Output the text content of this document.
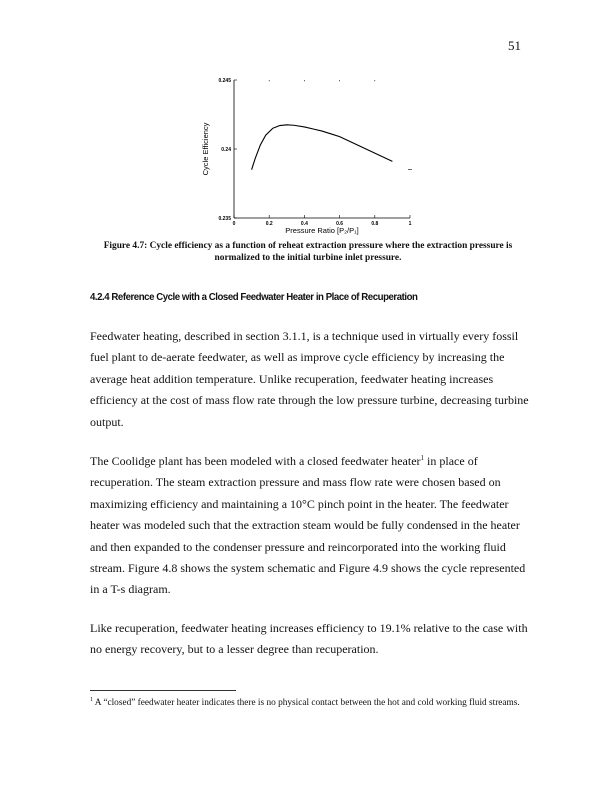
51
0	0.2	0.4	0.6	0.8	1
0.235
0.24
0.245
Cycle Efficiency
Pressure Ratio [P₂/P₁]
Figure 4.7: Cycle efficiency as a function of reheat extraction pressure where the extraction pressure is normalized to the initial turbine inlet pressure.
4.2.4 Reference Cycle with a Closed Feedwater Heater in Place of Recuperation

Feedwater heating, described in section 3.1.1, is a technique used in virtually every fossil fuel plant to de-aerate feedwater, as well as improve cycle efficiency by increasing the average heat addition temperature. Unlike recuperation, feedwater heating increases efficiency at the cost of mass flow rate through the low pressure turbine, decreasing turbine output.

The Coolidge plant has been modeled with a closed feedwater heater$^1$ in place of recuperation. The steam extraction pressure and mass flow rate were chosen based on maximizing efficiency and maintaining a 10°C pinch point in the heater. The feedwater heater was modeled such that the extraction steam would be fully condensed in the heater and then expanded to the condenser pressure and reincorporated into the working fluid stream. Figure 4.8 shows the system schematic and Figure 4.9 shows the cycle represented in a T-s diagram.

Like recuperation, feedwater heating increases efficiency to 19.1% relative to the case with no energy recovery, but to a lesser degree than recuperation.

$^1$ A “closed” feedwater heater indicates there is no physical contact between the hot and cold working fluid streams.
